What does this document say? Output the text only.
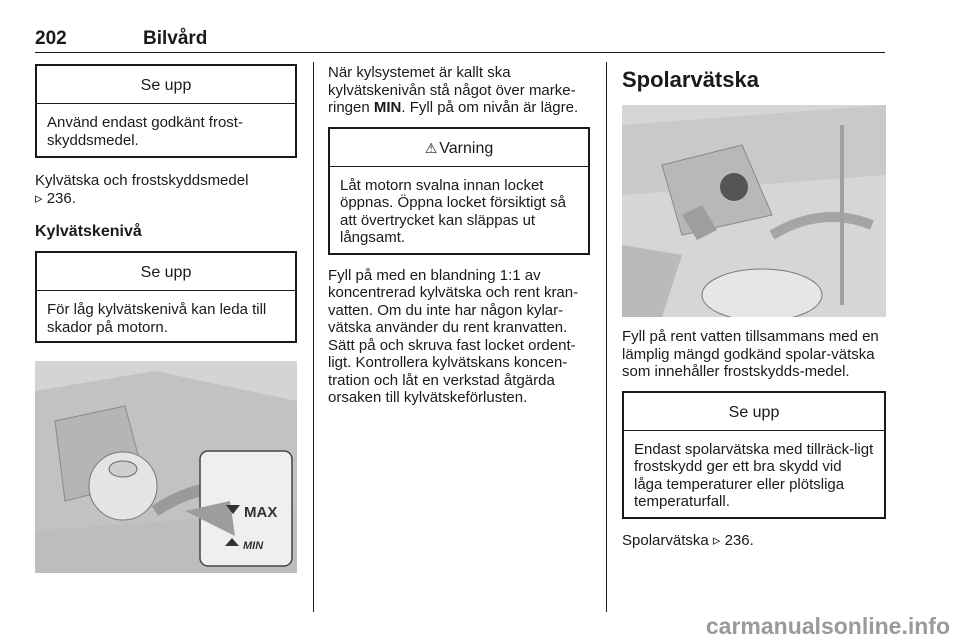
202	Bilvård
Se upp
Använd endast godkänt frost-skyddsmedel.

Kylvätska och frostskyddsmedel

▹ 236.

Kylvätskenivå
Se upp
För låg kylvätskenivå kan leda till skador på motorn.
MAX
MIN

När kylsystemet är kallt ska kylvätskenivån stå något över marke-ringen MIN. Fyll på om nivån är lägre.

⚠ Varning
Låt motorn svalna innan locket öppnas. Öppna locket försiktigt så att övertrycket kan släppas ut långsamt.

Fyll på med en blandning 1:1 av koncentrerad kylvätska och rent kran-vatten. Om du inte har någon kylar-vätska använder du rent kranvatten. Sätt på och skruva fast locket ordent-ligt. Kontrollera kylvätskans koncen-tration och låt en verkstad åtgärda orsaken till kylvätskeförlusten.

Spolarvätska

Fyll på rent vatten tillsammans med en lämplig mängd godkänd spolar-vätska som innehåller frostskydds-medel.

Se upp
Endast spolarvätska med tillräck-ligt frostskydd ger ett bra skydd vid låga temperaturer eller plötsliga temperaturfall.

Spolarvätska ▹ 236.

carmanualsonline.info
